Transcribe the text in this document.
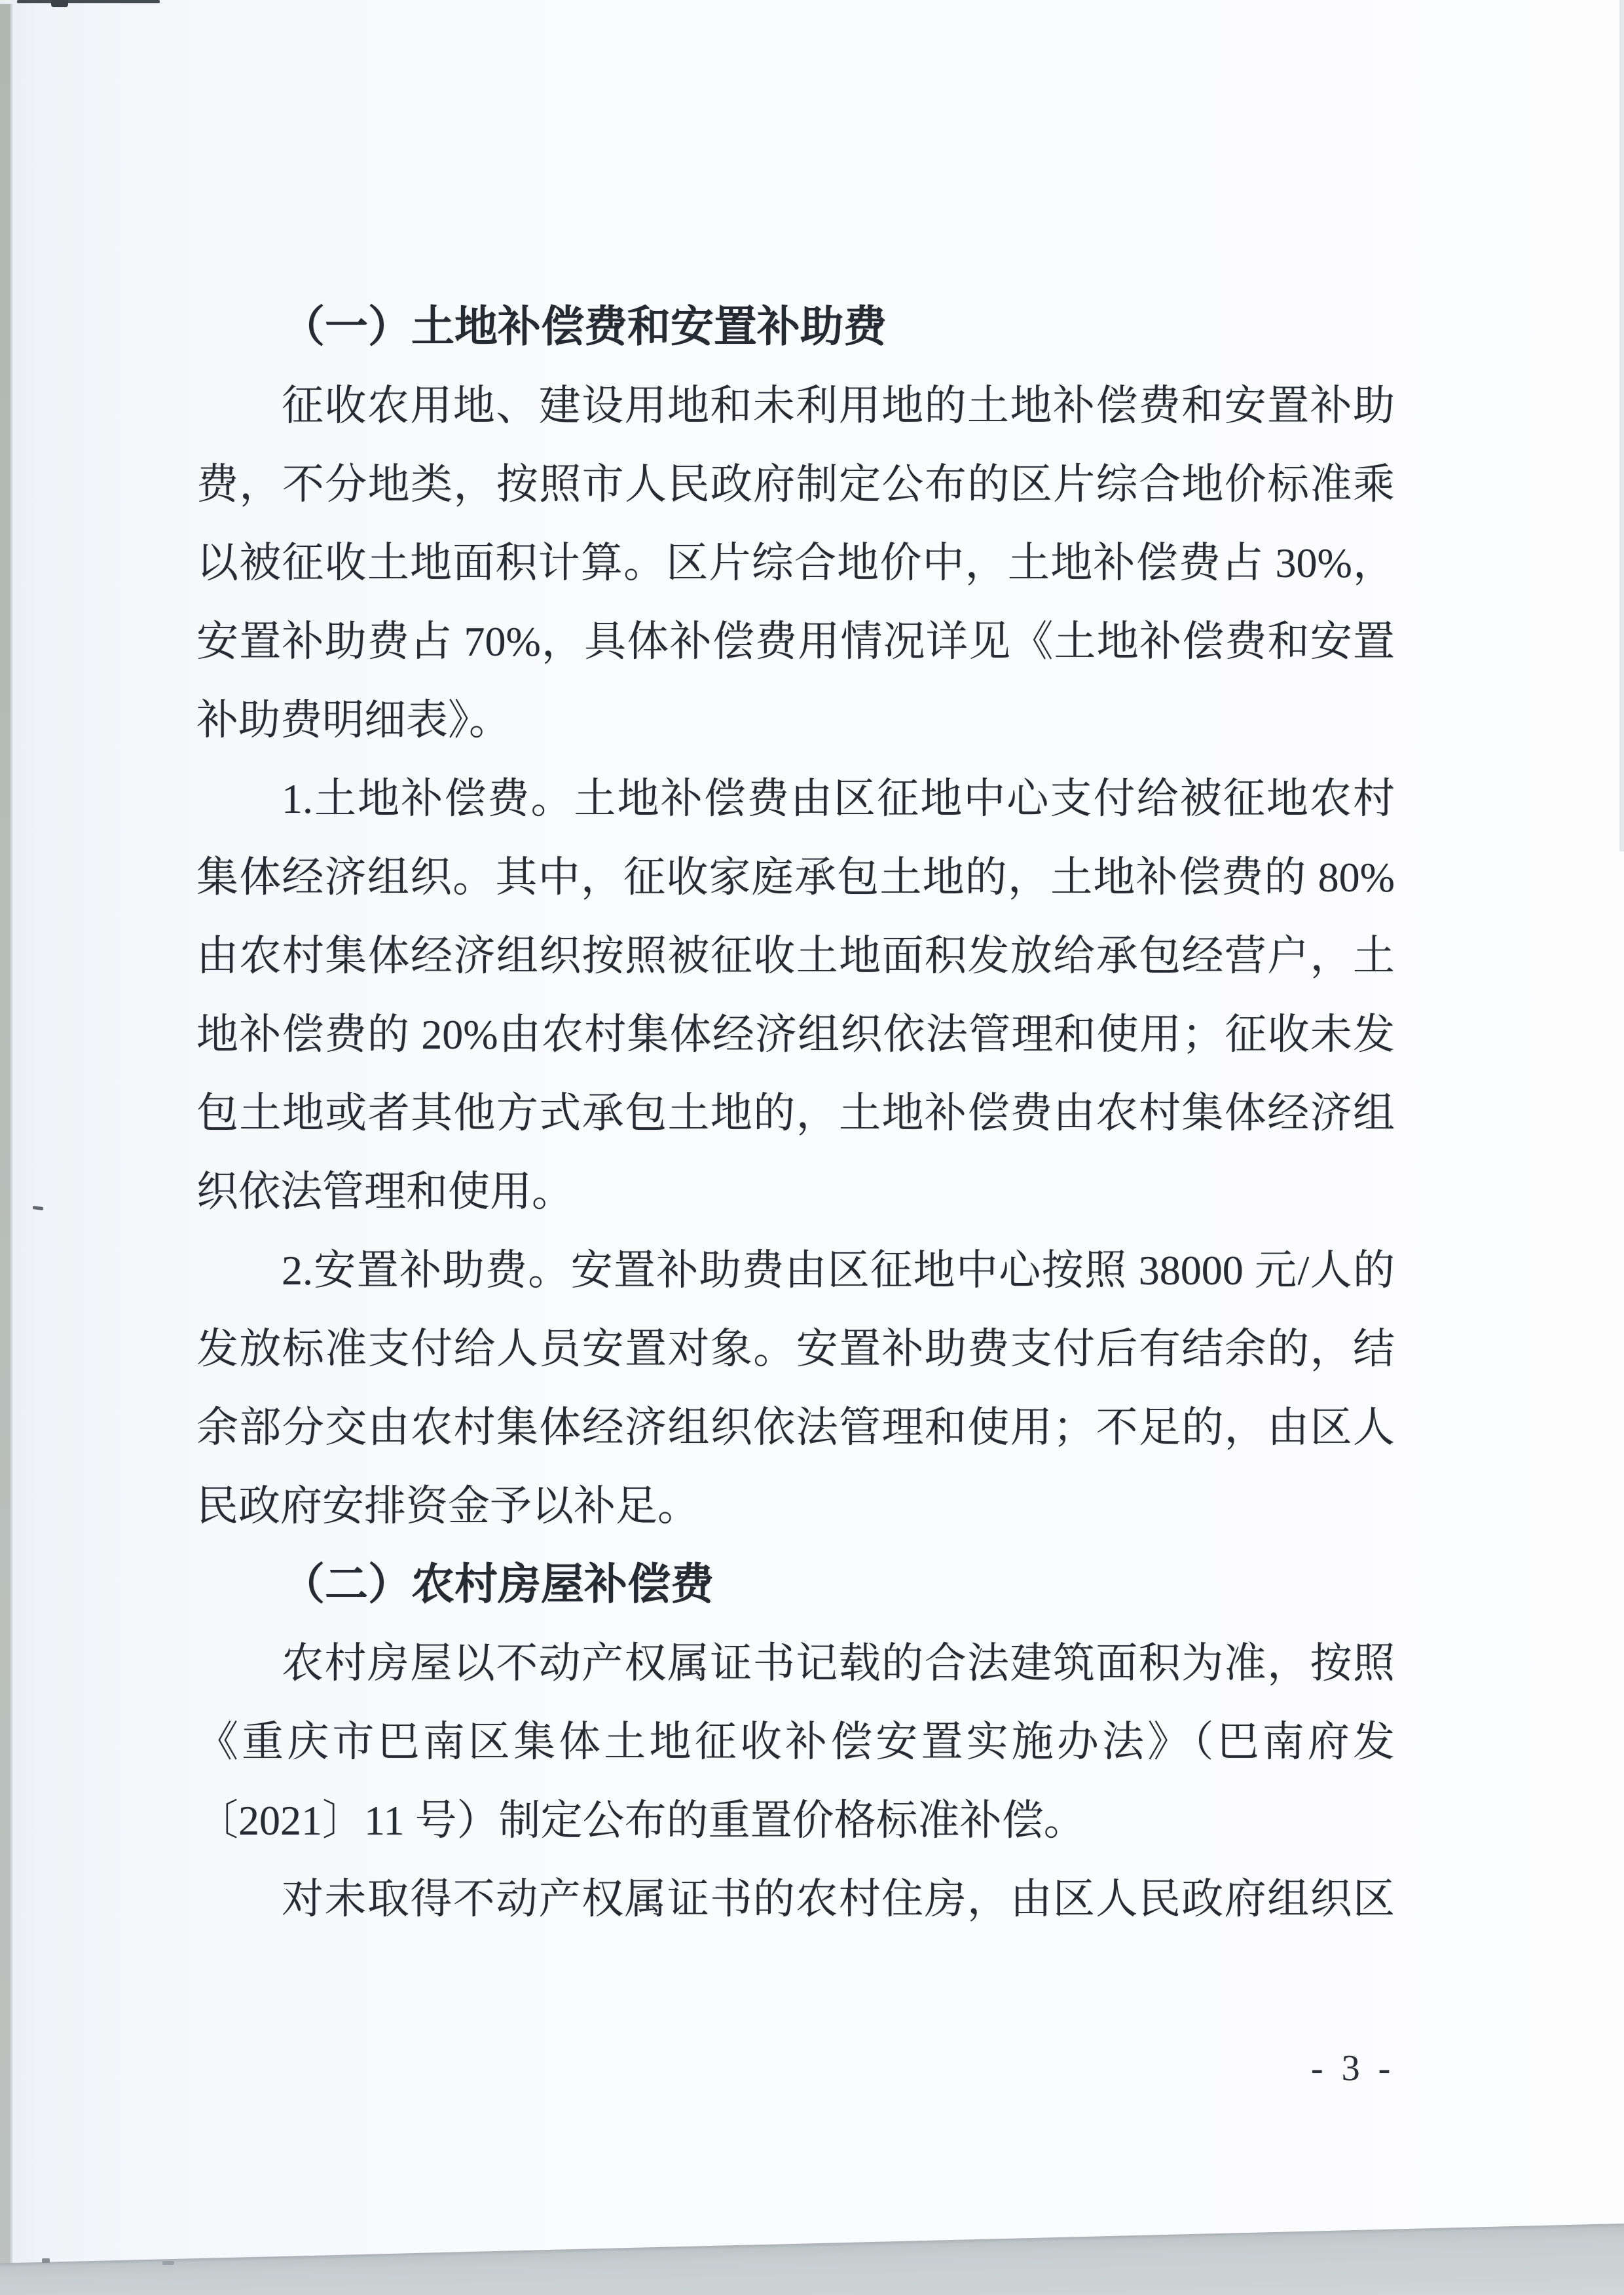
（一）土地补偿费和安置补助费
征收农用地、建设用地和未利用地的土地补偿费和安置补助
费，不分地类，按照市人民政府制定公布的区片综合地价标准乘
以被征收土地面积计算。区片综合地价中，土地补偿费占 30%，
安置补助费占 70%，具体补偿费用情况详见《土地补偿费和安置
补助费明细表》。
1.土地补偿费。土地补偿费由区征地中心支付给被征地农村
集体经济组织。其中，征收家庭承包土地的，土地补偿费的 80%
由农村集体经济组织按照被征收土地面积发放给承包经营户，土
地补偿费的 20%由农村集体经济组织依法管理和使用；征收未发
包土地或者其他方式承包土地的，土地补偿费由农村集体经济组
织依法管理和使用。
2.安置补助费。安置补助费由区征地中心按照 38000 元/人的
发放标准支付给人员安置对象。安置补助费支付后有结余的，结
余部分交由农村集体经济组织依法管理和使用；不足的，由区人
民政府安排资金予以补足。
（二）农村房屋补偿费
农村房屋以不动产权属证书记载的合法建筑面积为准，按照
《重庆市巴南区集体土地征收补偿安置实施办法》（巴南府发
〔2021〕11 号）制定公布的重置价格标准补偿。
对未取得不动产权属证书的农村住房，由区人民政府组织区
- 3 -
